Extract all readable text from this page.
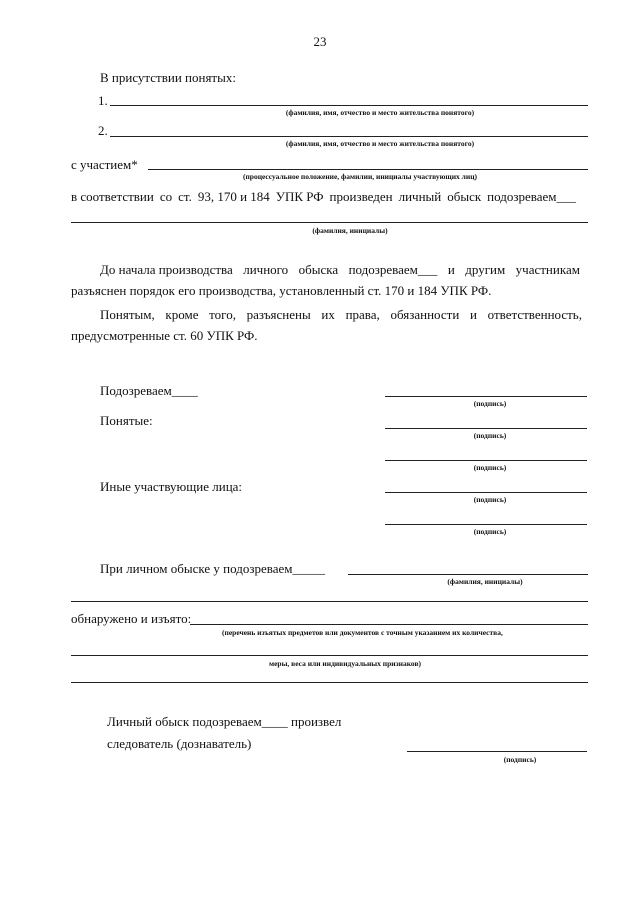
23
В присутствии понятых:
1.
(фамилия, имя, отчество и место жительства понятого)
2.
(фамилия, имя, отчество и место жительства понятого)
с участием*
(процессуальное положение, фамилии, инициалы участвующих лиц)
в соответствии со ст. 93, 170 и 184 УПК РФ произведен личный обыск подозреваем___
(фамилия, инициалы)
До начала производства личного обыска подозреваем___ и другим участникам
разъяснен порядок его производства, установленный ст. 170 и 184 УПК РФ.
Понятым, кроме того, разъяснены их права, обязанности и ответственность,
предусмотренные ст. 60 УПК РФ.
Подозреваем____
(подпись)
Понятые:
(подпись)
(подпись)
Иные участвующие лица:
(подпись)
(подпись)
При личном обыске у подозреваем_____
(фамилия, инициалы)
обнаружено и изъято:
(перечень изъятых предметов или документов с точным указанием их количества,
меры, веса или индивидуальных признаков)
Личный обыск подозреваем____ произвел
следователь (дознаватель)
(подпись)
